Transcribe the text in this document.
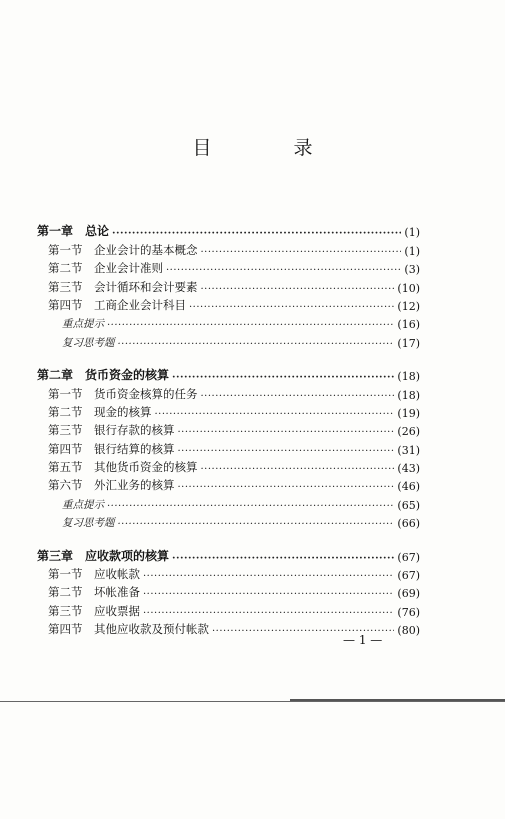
目 录
第一章 总论 ·····	(1)
第一节	企业会计的基本概念 ·····	(1)
第二节	企业会计准则 ·····	(3)
第三节	会计循环和会计要素 ·····	(10)
第四节	工商企业会计科目 ·····	(12)
重点提示 ·····	(16)
复习思考题 ·····	(17)
第二章 货币资金的核算 ·····	(18)
第一节	货币资金核算的任务 ·····	(18)
第二节	现金的核算 ·····	(19)
第三节	银行存款的核算 ·····	(26)
第四节	银行结算的核算 ·····	(31)
第五节	其他货币资金的核算 ·····	(43)
第六节	外汇业务的核算 ·····	(46)
重点提示 ·····	(65)
复习思考题 ·····	(66)
第三章 应收款项的核算 ·····	(67)
第一节	应收帐款 ·····	(67)
第二节	坏帐准备 ·····	(69)
第三节	应收票据 ·····	(76)
第四节	其他应收款及预付帐款 ·····	(80)
— 1 —
